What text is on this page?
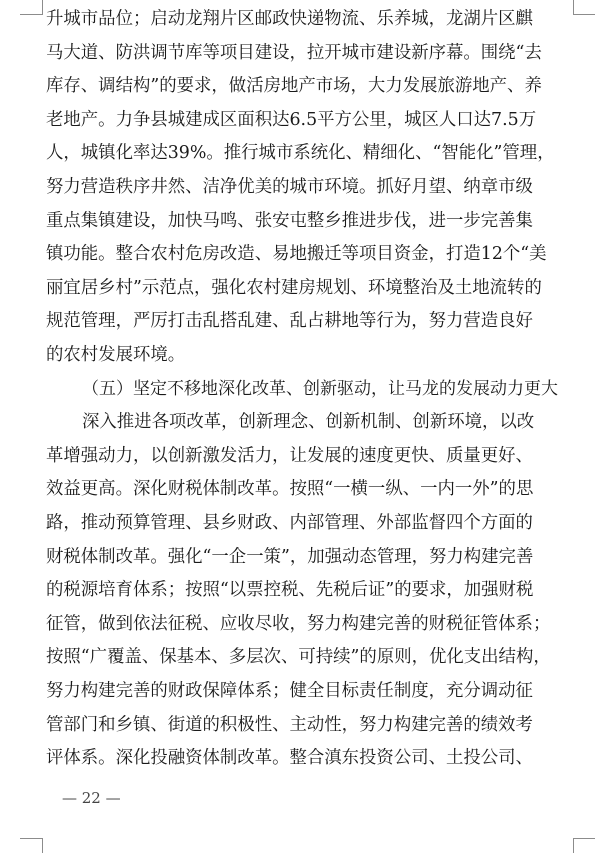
升城市品位；启动龙翔片区邮政快递物流、乐养城，龙湖片区麒
马大道、防洪调节库等项目建设，拉开城市建设新序幕。围绕“去
库存、调结构”的要求，做活房地产市场，大力发展旅游地产、养
老地产。力争县城建成区面积达6.5平方公里，城区人口达7.5万
人，城镇化率达39%。推行城市系统化、精细化、“智能化”管理，
努力营造秩序井然、洁净优美的城市环境。抓好月望、纳章市级
重点集镇建设，加快马鸣、张安屯整乡推进步伐，进一步完善集
镇功能。整合农村危房改造、易地搬迁等项目资金，打造12个“美
丽宜居乡村”示范点，强化农村建房规划、环境整治及土地流转的
规范管理，严厉打击乱搭乱建、乱占耕地等行为，努力营造良好
的农村发展环境。
（五）坚定不移地深化改革、创新驱动，让马龙的发展动力更大
深入推进各项改革，创新理念、创新机制、创新环境，以改
革增强动力，以创新激发活力，让发展的速度更快、质量更好、
效益更高。深化财税体制改革。按照“一横一纵、一内一外”的思
路，推动预算管理、县乡财政、内部管理、外部监督四个方面的
财税体制改革。强化“一企一策”，加强动态管理，努力构建完善
的税源培育体系；按照“以票控税、先税后证”的要求，加强财税
征管，做到依法征税、应收尽收，努力构建完善的财税征管体系；
按照“广覆盖、保基本、多层次、可持续”的原则，优化支出结构，
努力构建完善的财政保障体系；健全目标责任制度，充分调动征
管部门和乡镇、街道的积极性、主动性，努力构建完善的绩效考
评体系。深化投融资体制改革。整合滇东投资公司、土投公司、
— 22 —
